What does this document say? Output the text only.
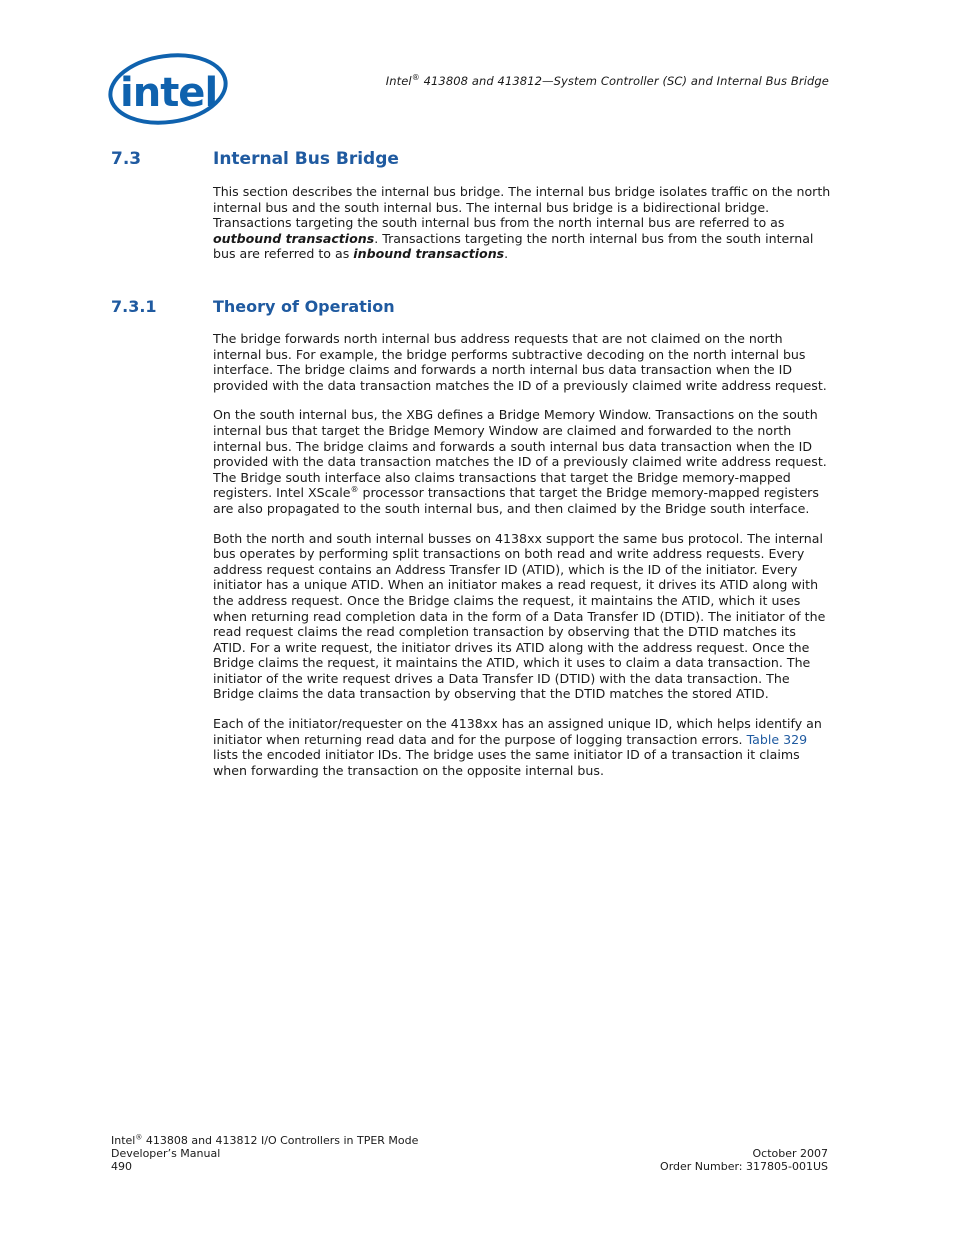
intel	Intel® 413808 and 413812—System Controller (SC) and Internal Bus Bridge
7.3	Internal Bus Bridge

This section describes the internal bus bridge. The internal bus bridge isolates traffic on the north internal bus and the south internal bus. The internal bus bridge is a bidirectional bridge. Transactions targeting the south internal bus from the north internal bus are referred to as outbound transactions. Transactions targeting the north internal bus from the south internal bus are referred to as inbound transactions.

7.3.1	Theory of Operation

The bridge forwards north internal bus address requests that are not claimed on the north internal bus. For example, the bridge performs subtractive decoding on the north internal bus interface. The bridge claims and forwards a north internal bus data transaction when the ID provided with the data transaction matches the ID of a previously claimed write address request.

On the south internal bus, the XBG defines a Bridge Memory Window. Transactions on the south internal bus that target the Bridge Memory Window are claimed and forwarded to the north internal bus. The bridge claims and forwards a south internal bus data transaction when the ID provided with the data transaction matches the ID of a previously claimed write address request. The Bridge south interface also claims transactions that target the Bridge memory-mapped registers. Intel XScale® processor transactions that target the Bridge memory-mapped registers are also propagated to the south internal bus, and then claimed by the Bridge south interface.

Both the north and south internal busses on 4138xx support the same bus protocol. The internal bus operates by performing split transactions on both read and write address requests. Every address request contains an Address Transfer ID (ATID), which is the ID of the initiator. Every initiator has a unique ATID. When an initiator makes a read request, it drives its ATID along with the address request. Once the Bridge claims the request, it maintains the ATID, which it uses when returning read completion data in the form of a Data Transfer ID (DTID). The initiator of the read request claims the read completion transaction by observing that the DTID matches its ATID. For a write request, the initiator drives its ATID along with the address request. Once the Bridge claims the request, it maintains the ATID, which it uses to claim a data transaction. The initiator of the write request drives a Data Transfer ID (DTID) with the data transaction. The Bridge claims the data transaction by observing that the DTID matches the stored ATID.

Each of the initiator/requester on the 4138xx has an assigned unique ID, which helps identify an initiator when returning read data and for the purpose of logging transaction errors. Table 329 lists the encoded initiator IDs. The bridge uses the same initiator ID of a transaction it claims when forwarding the transaction on the opposite internal bus.

Intel® 413808 and 413812 I/O Controllers in TPER Mode
Developer’s Manual
490
October 2007
Order Number: 317805-001US
